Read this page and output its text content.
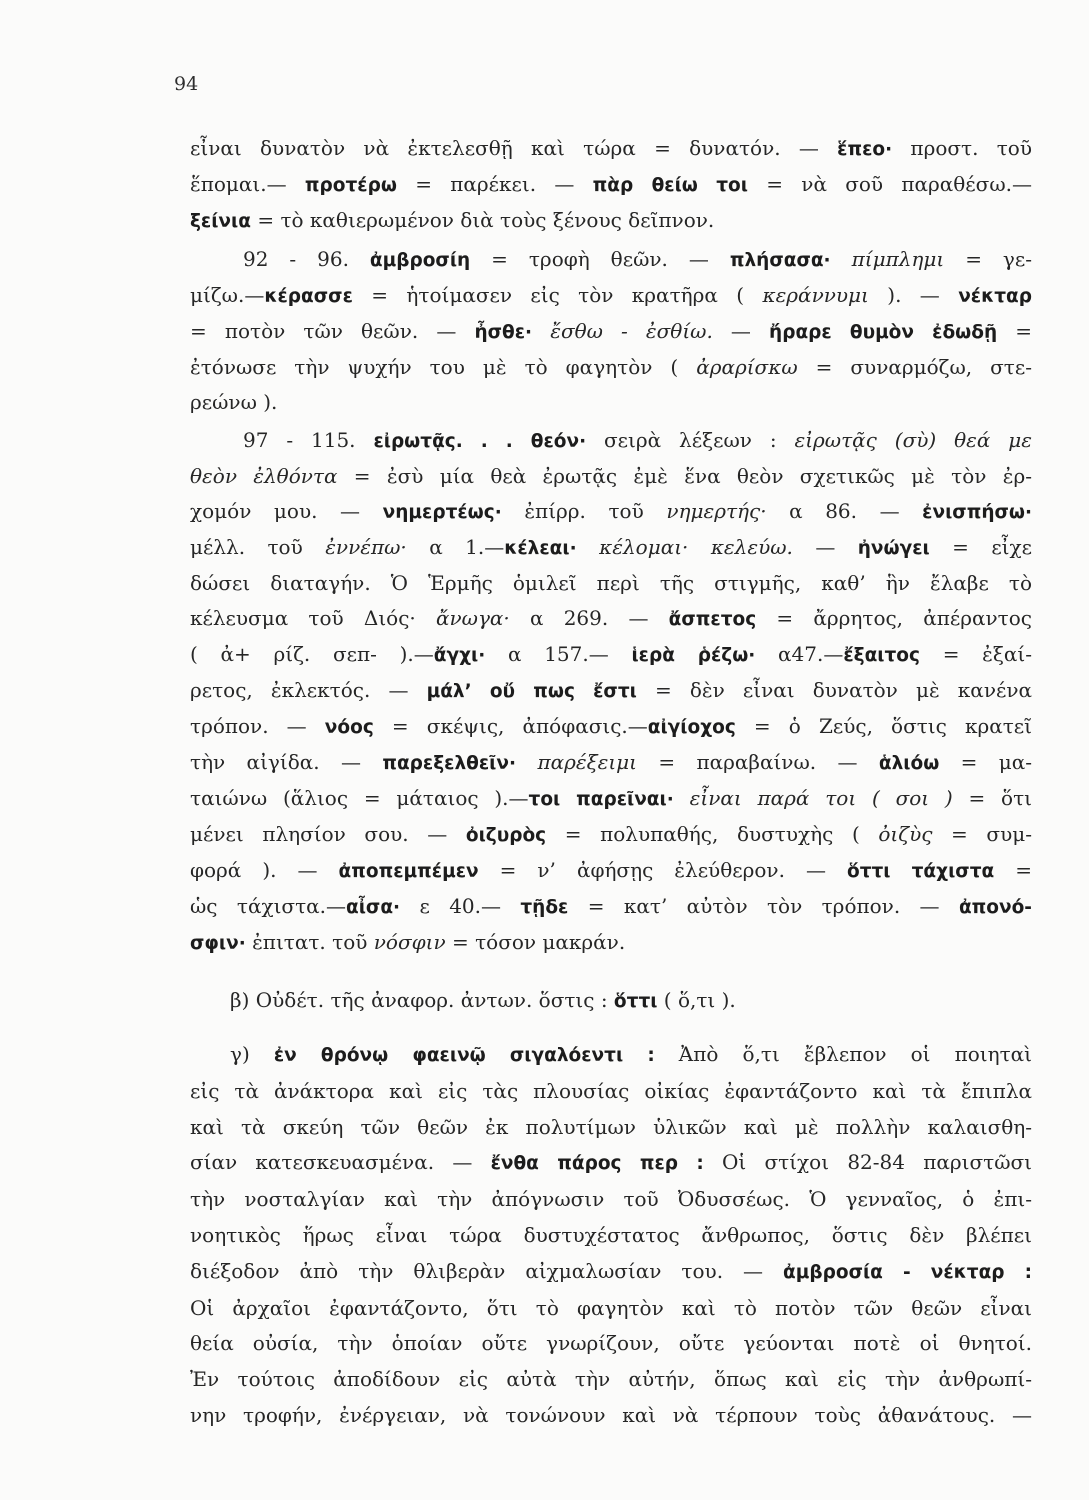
94
εἶναι δυνατὸν νὰ ἐκτελεσθῇ καὶ τώρα = δυνατόν. — ἕπεο· προστ. τοῦ
ἕπομαι.— προτέρω = παρέκει. — πὰρ θείω τοι = νὰ σοῦ παραθέσω.—
ξείνια = τὸ καθιερωμένον διὰ τοὺς ξένους δεῖπνον.
92 - 96. ἀμβροσίη = τροφὴ θεῶν. — πλήσασα· πίμπλημι = γε-
μίζω.—κέρασσε = ἡτοίμασεν εἰς τὸν κρατῆρα ( κεράννυμι ). — νέκταρ
= ποτὸν τῶν θεῶν. — ἦσθε· ἔσθω - ἐσθίω. — ἤραρε θυμὸν ἐδωδῇ =
ἐτόνωσε τὴν ψυχήν του μὲ τὸ φαγητὸν ( ἀραρίσκω = συναρμόζω, στε-
ρεώνω ).
97 - 115. εἰρωτᾷς. . . θεόν· σειρὰ λέξεων : εἰρωτᾷς (σὺ) θεά με
θεὸν ἐλθόντα = ἐσὺ μία θεὰ ἐρωτᾷς ἐμὲ ἕνα θεὸν σχετικῶς μὲ τὸν ἐρ-
χομόν μου. — νημερτέως· ἐπίρρ. τοῦ νημερτής· α 86. — ἐνισπήσω·
μέλλ. τοῦ ἐννέπω· α 1.—κέλεαι· κέλομαι· κελεύω. — ἠνώγει = εἶχε
δώσει διαταγήν. Ὁ Ἑρμῆς ὁμιλεῖ περὶ τῆς στιγμῆς, καθ’ ἣν ἔλαβε τὸ
κέλευσμα τοῦ Διός· ἄνωγα· α 269. — ἄσπετος = ἄρρητος, ἀπέραντος
( ἀ+ ρίζ. σεπ- ).—ἄγχι· α 157.— ἱερὰ ῥέζω· α47.—ἔξαιτος = ἐξαί-
ρετος, ἐκλεκτός. — μάλ’ οὔ πως ἔστι = δὲν εἶναι δυνατὸν μὲ κανένα
τρόπον. — νόος = σκέψις, ἀπόφασις.—αἰγίοχος = ὁ Ζεύς, ὅστις κρατεῖ
τὴν αἰγίδα. — παρεξελθεῖν· παρέξειμι = παραβαίνω. — ἁλιόω = μα-
ταιώνω (ἅλιος = μάταιος ).—τοι παρεῖναι· εἶναι παρά τοι ( σοι ) = ὅτι
μένει πλησίον σου. — ὀιζυρὸς = πολυπαθής, δυστυχὴς ( ὀιζὺς = συμ-
φορά ). — ἀποπεμπέμεν = ν’ ἀφήσῃς ἐλεύθερον. — ὅττι τάχιστα =
ὡς τάχιστα.—αἶσα· ε 40.— τῇδε = κατ’ αὐτὸν τὸν τρόπον. — ἀπονό-
σφιν· ἐπιτατ. τοῦ νόσφιν = τόσον μακράν.
β) Οὐδέτ. τῆς ἀναφορ. ἀντων. ὅστις : ὅττι ( ὅ,τι ).
γ) ἐν θρόνῳ φαεινῷ σιγαλόεντι : Ἀπὸ ὅ,τι ἔβλεπον οἱ ποιηταὶ
εἰς τὰ ἀνάκτορα καὶ εἰς τὰς πλουσίας οἰκίας ἐφαντάζοντο καὶ τὰ ἔπιπλα
καὶ τὰ σκεύη τῶν θεῶν ἐκ πολυτίμων ὑλικῶν καὶ μὲ πολλὴν καλαισθη-
σίαν κατεσκευασμένα. — ἔνθα πάρος περ : Οἱ στίχοι 82-84 παριστῶσι
τὴν νοσταλγίαν καὶ τὴν ἀπόγνωσιν τοῦ Ὀδυσσέως. Ὁ γενναῖος, ὁ ἐπι-
νοητικὸς ἥρως εἶναι τώρα δυστυχέστατος ἄνθρωπος, ὅστις δὲν βλέπει
διέξοδον ἀπὸ τὴν θλιβερὰν αἰχμαλωσίαν του. — ἀμβροσία - νέκταρ :
Οἱ ἀρχαῖοι ἐφαντάζοντο, ὅτι τὸ φαγητὸν καὶ τὸ ποτὸν τῶν θεῶν εἶναι
θεία οὐσία, τὴν ὁποίαν οὔτε γνωρίζουν, οὔτε γεύονται ποτὲ οἱ θνητοί.
Ἐν τούτοις ἀποδίδουν εἰς αὐτὰ τὴν αὐτήν, ὅπως καὶ εἰς τὴν ἀνθρωπί-
νην τροφήν, ἐνέργειαν, νὰ τονώνουν καὶ νὰ τέρπουν τοὺς ἀθανάτους. —
